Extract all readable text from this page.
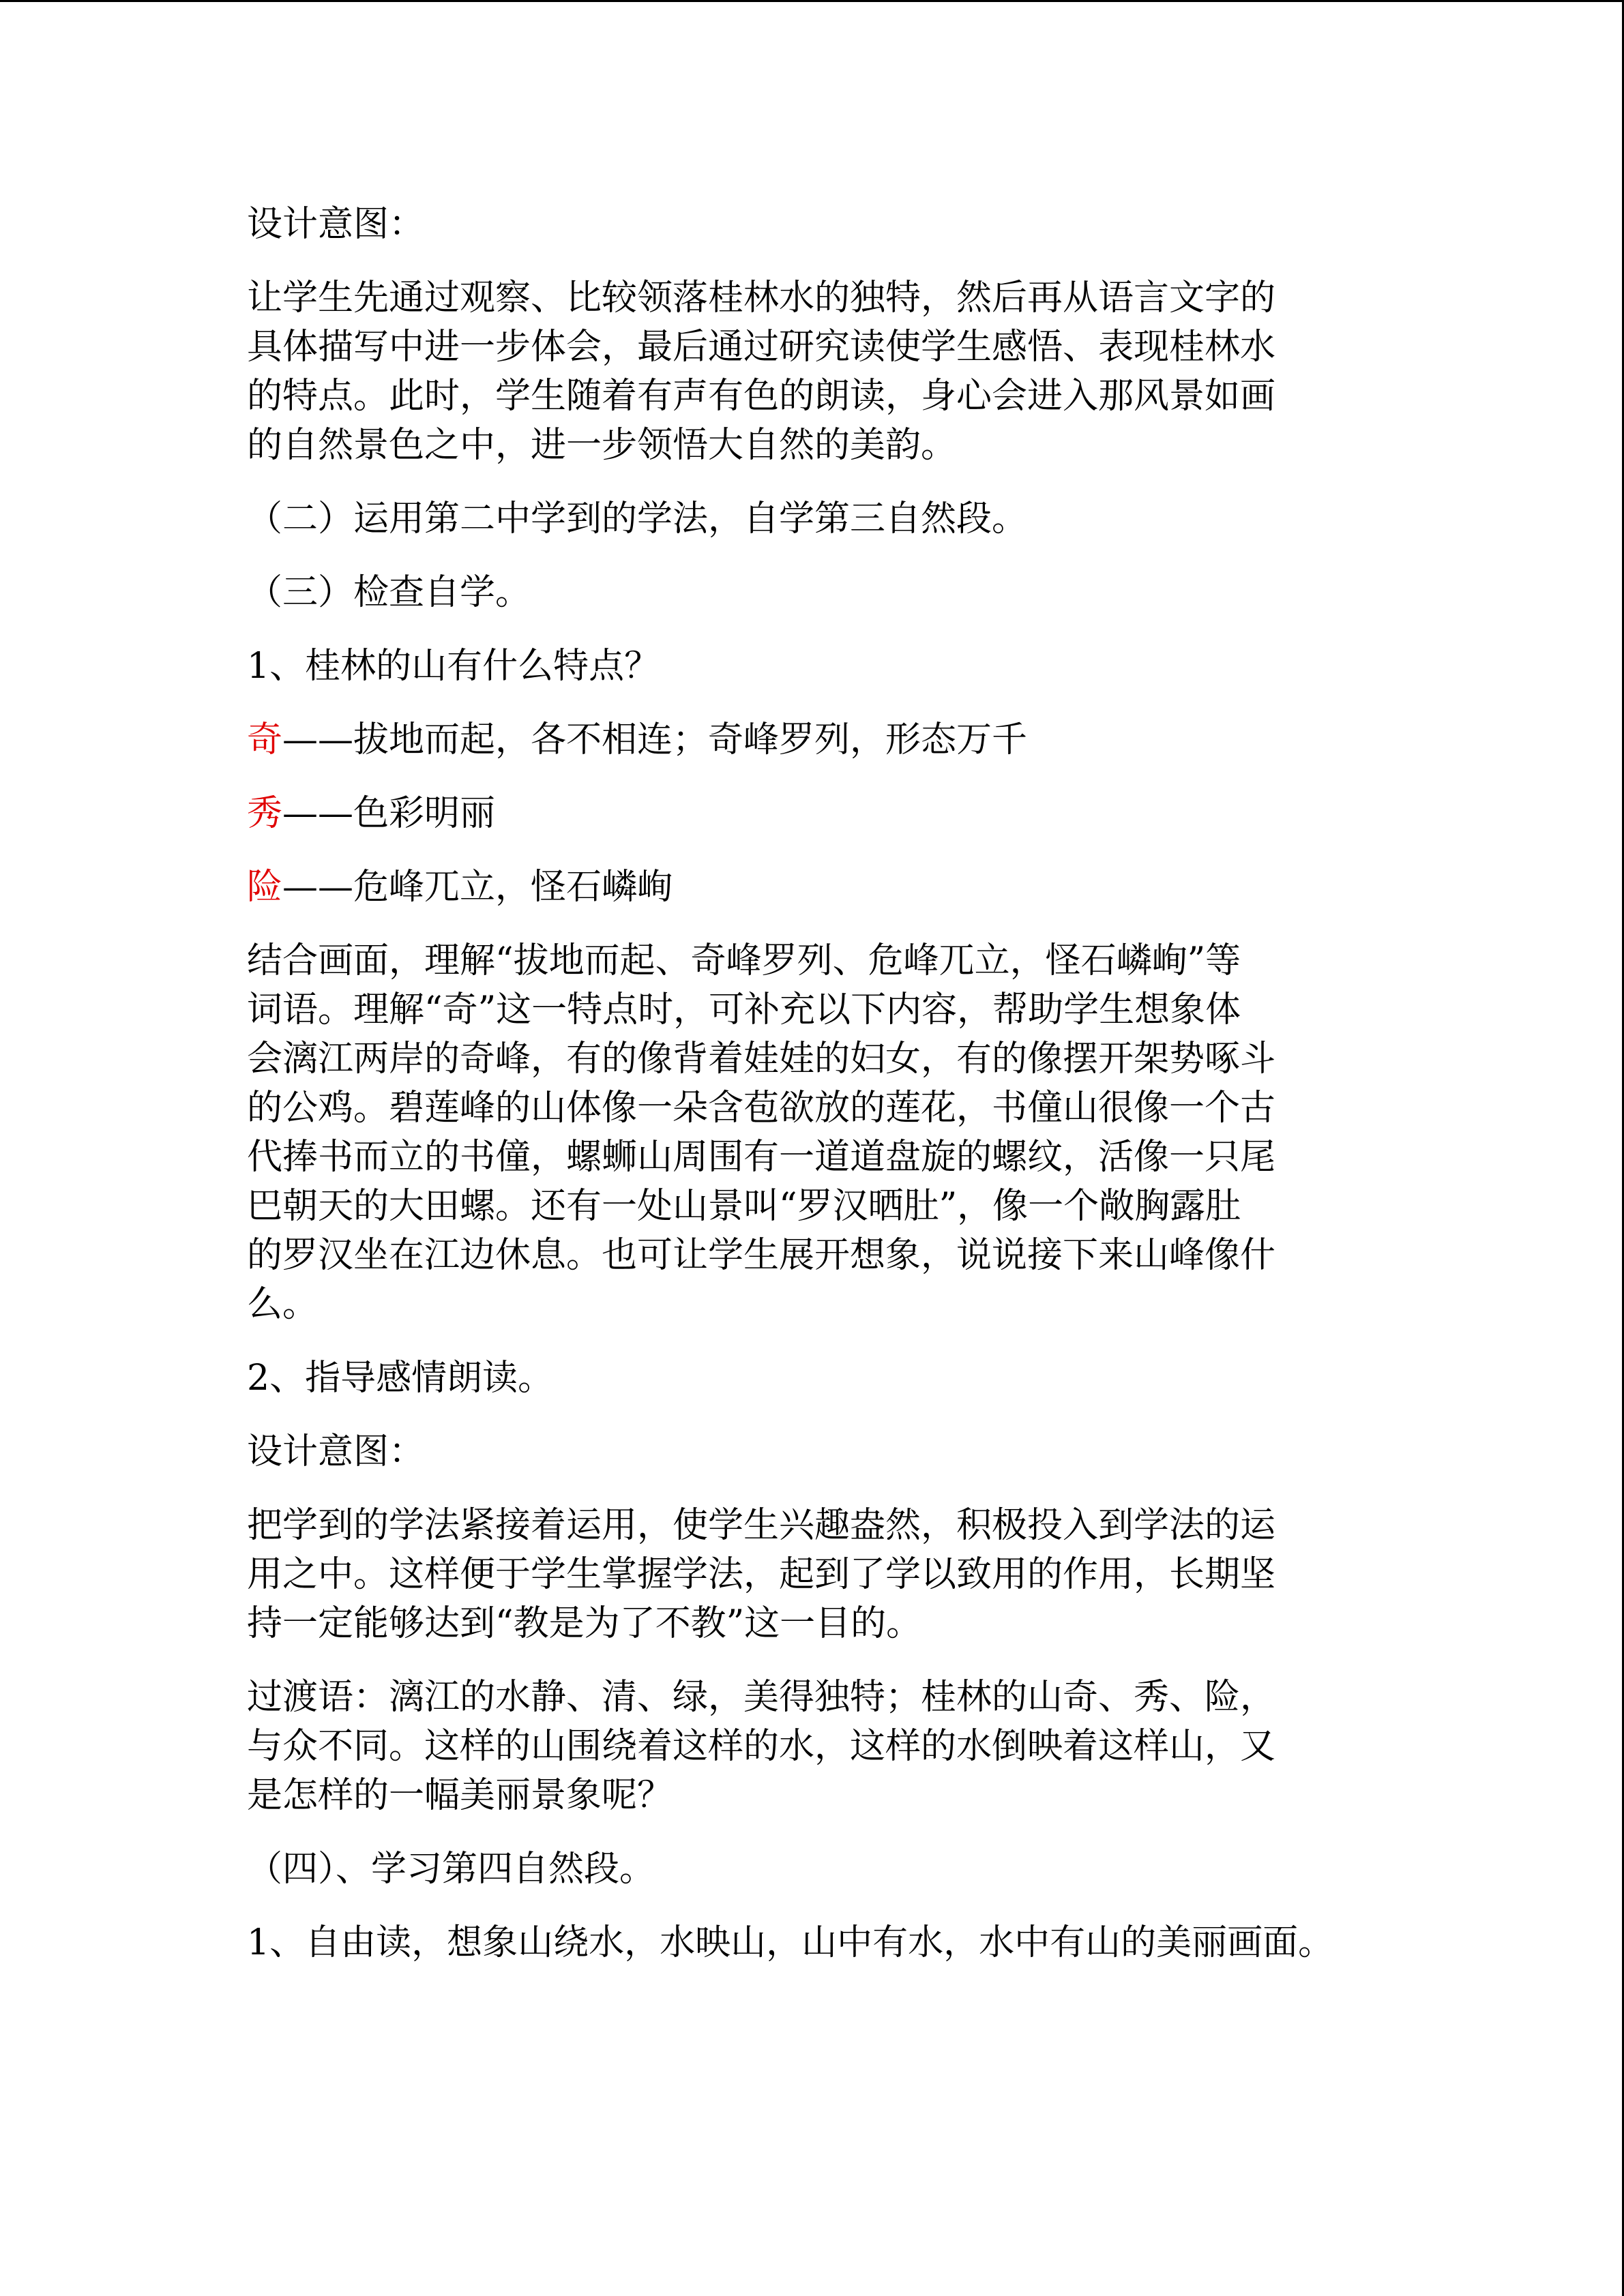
设计意图：
让学生先通过观察、比较领落桂林水的独特，然后再从语言文字的
具体描写中进一步体会，最后通过研究读使学生感悟、表现桂林水
的特点。此时，学生随着有声有色的朗读，身心会进入那风景如画
的自然景色之中，进一步领悟大自然的美韵。
（二）运用第二中学到的学法，自学第三自然段。
（三）检查自学。
1、桂林的山有什么特点？
奇——拔地而起，各不相连；奇峰罗列，形态万千
秀——色彩明丽
险——危峰兀立，怪石嶙峋
结合画面，理解“拔地而起、奇峰罗列、危峰兀立，怪石嶙峋”等
词语。理解“奇”这一特点时，可补充以下内容，帮助学生想象体
会漓江两岸的奇峰，有的像背着娃娃的妇女，有的像摆开架势啄斗
的公鸡。碧莲峰的山体像一朵含苞欲放的莲花，书僮山很像一个古
代捧书而立的书僮，螺蛳山周围有一道道盘旋的螺纹，活像一只尾
巴朝天的大田螺。还有一处山景叫“罗汉晒肚”，像一个敞胸露肚
的罗汉坐在江边休息。也可让学生展开想象，说说接下来山峰像什
么。
2、指导感情朗读。
设计意图：
把学到的学法紧接着运用，使学生兴趣盎然，积极投入到学法的运
用之中。这样便于学生掌握学法，起到了学以致用的作用，长期坚
持一定能够达到“教是为了不教”这一目的。
过渡语：漓江的水静、清、绿，美得独特；桂林的山奇、秀、险，
与众不同。这样的山围绕着这样的水，这样的水倒映着这样山，又
是怎样的一幅美丽景象呢？
（四）、学习第四自然段。
1、自由读，想象山绕水，水映山，山中有水，水中有山的美丽画面。
